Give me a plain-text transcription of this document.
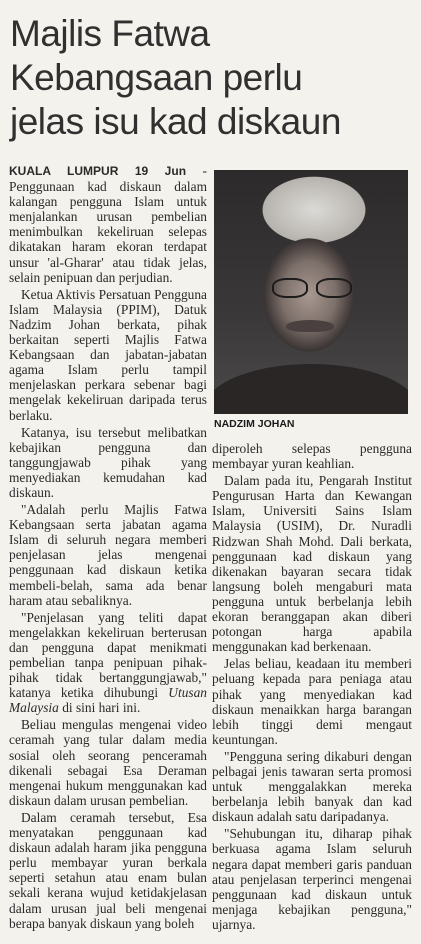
Majlis Fatwa
Kebangsaan perlu
jelas isu kad diskaun

KUALA LUMPUR 19 Jun - Penggunaan kad diskaun dalam kalangan pengguna Islam untuk menjalankan urusan pembelian menimbulkan kekeliruan selepas dikatakan haram ekoran terdapat unsur 'al-Gharar' atau tidak jelas, selain penipuan dan perjudian.

Ketua Aktivis Persatuan Pengguna Islam Malaysia (PPIM), Datuk Nadzim Johan berkata, pihak berkaitan seperti Majlis Fatwa Kebangsaan dan jabatan-jabatan agama Islam perlu tampil menjelaskan perkara sebenar bagi mengelak kekeliruan daripada terus berlaku.

Katanya, isu tersebut melibatkan kebajikan pengguna dan tanggungjawab pihak yang menyediakan kemudahan kad diskaun.

"Adalah perlu Majlis Fatwa Kebangsaan serta jabatan agama Islam di seluruh negara memberi penjelasan jelas mengenai penggunaan kad diskaun ketika membeli-belah, sama ada benar haram atau sebaliknya.

"Penjelasan yang teliti dapat mengelakkan kekeliruan berterusan dan pengguna dapat menikmati pembelian tanpa penipuan pihak-pihak tidak bertanggungjawab," katanya ketika dihubungi Utusan Malaysia di sini hari ini.

Beliau mengulas mengenai video ceramah yang tular dalam media sosial oleh seorang penceramah dikenali sebagai Esa Deraman mengenai hukum menggunakan kad diskaun dalam urusan pembelian.

Dalam ceramah tersebut, Esa menyatakan penggunaan kad diskaun adalah haram jika pengguna perlu membayar yuran berkala seperti setahun atau enam bulan sekali kerana wujud ketidakjelasan dalam urusan jual beli mengenai berapa banyak diskaun yang boleh

NADZIM JOHAN

diperoleh selepas pengguna membayar yuran keahlian.

Dalam pada itu, Pengarah Institut Pengurusan Harta dan Kewangan Islam, Universiti Sains Islam Malaysia (USIM), Dr. Nuradli Ridzwan Shah Mohd. Dali berkata, penggunaan kad diskaun yang dikenakan bayaran secara tidak langsung boleh mengaburi mata pengguna untuk berbelanja lebih ekoran beranggapan akan diberi potongan harga apabila menggunakan kad berkenaan.

Jelas beliau, keadaan itu memberi peluang kepada para peniaga atau pihak yang menyediakan kad diskaun menaikkan harga barangan lebih tinggi demi mengaut keuntungan.

"Pengguna sering dikaburi dengan pelbagai jenis tawaran serta promosi untuk menggalakkan mereka berbelanja lebih banyak dan kad diskaun adalah satu daripadanya.

"Sehubungan itu, diharap pihak berkuasa agama Islam seluruh negara dapat memberi garis panduan atau penjelasan terperinci mengenai penggunaan kad diskaun untuk menjaga kebajikan pengguna," ujarnya.
